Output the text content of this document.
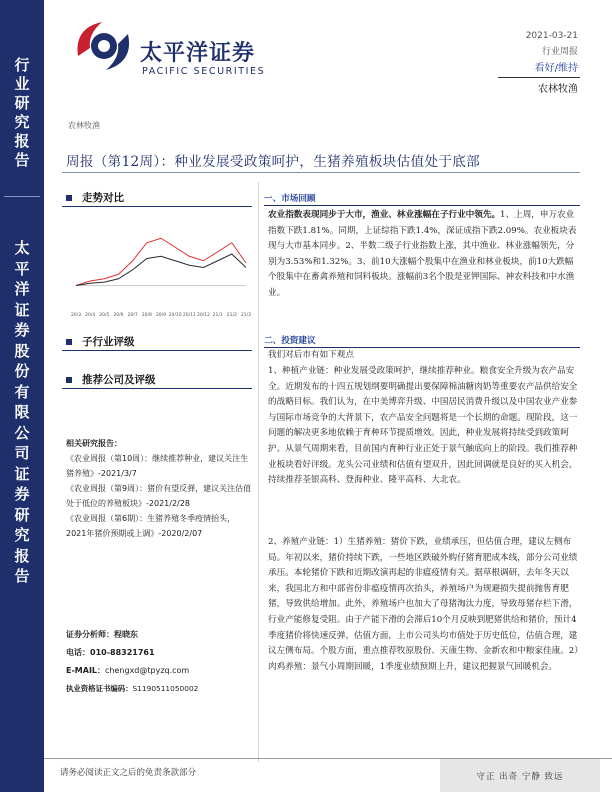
行
业
研
究
报
告
太
平
洋
证
券
股
份
有
限
公
司
证
券
研
究
报
告
太平洋证券
PACIFIC SECURITIES
2021-03-21
行业周报
看好/维持
农林牧渔
农林牧渔
周报（第12周）：种业发展受政策呵护，生猪养殖板块估值处于底部
走势对比
20/3 20/4 20/5 20/6 20/7 20/8 20/9 20/10 20/11 20/12 21/1 21/2 21/3
子行业评级
推荐公司及评级
相关研究报告：
《农业周报（第10周）：继续推荐种业，建议关注生猪养殖》-2021/3/7
《农业周报（第9周）：猪价有望反弹，建议关注估值处于低位的养殖板块》-2021/2/28
《农业周报（第6期）：生猪养殖冬季疫情抬头，2021年猪价预期或上调》-2020/2/07
证券分析师：程晓东
电话：010-88321761
E-MAIL：chengxd@tpyzq.com
执业资格证书编码：S1190511050002
一、市场回顾
农业指数表现同步于大市，渔业、林业涨幅在子行业中领先。1、上周，申万农业指数下跌1.81%。同期，上证综指下跌1.4%，深证成指下跌2.09%。农业板块表现与大市基本同步。2、半数二级子行业指数上涨，其中渔业、林业涨幅领先，分别为3.53%和1.32%。3、前10大涨幅个股集中在渔业和林业板块，前10大跌幅个股集中在畜禽养殖和饲料板块。涨幅前3名个股是亚钾国际、神农科技和中水渔业。
二、投资建议
我们对后市有如下观点
1、种植产业链：种业发展受政策呵护，继续推荐种业。粮食安全升级为农产品安全。近期发布的十四五规划纲要明确提出要保障棉油糖肉奶等重要农产品供给安全的战略目标。我们认为，在中美博弈升级、中国居民消费升级以及中国农业产业参与国际市场竞争的大背景下，农产品安全问题将是一个长期的命题。现阶段，这一问题的解决更多地依赖于育种环节提质增效。因此，种业发展将持续受到政策呵护。从景气周期来看，目前国内育种行业正处于景气触底向上的阶段。我们推荐种业板块看好评级。龙头公司业绩和估值有望双升，因此回调就是良好的买入机会，持续推荐荃银高科、登海种业、隆平高科、大北农。
2、养殖产业链：1）生猪养殖：猪价下跌，业绩承压，但估值合理，建议左侧布局。年初以来，猪价持续下跌，一些地区跌破外购仔猪育肥成本线，部分公司业绩承压。本轮猪价下跌和近期改演再起的非瘟疫情有关。据草根调研，去年冬天以来，我国北方和中部省份非瘟疫情再次抬头，养殖场户为规避损失提前抛售育肥猪，导致供给增加。此外，养殖场户也加大了母猪淘汰力度，导致母猪存栏下滑，行业产能修复受阻。由于产能下滑的会滞后10个月反映到肥猪供给和猪价，预计4季度猪价将快速反弹。估值方面，上市公司头均市值处于历史低位，估值合理，建议左侧布局。个股方面，重点推荐牧原股份、天康生物、金新农和中粮家佳康。2）肉鸡养殖：景气小周期回暖，1季度业绩预期上升，建议把握景气回暖机会。
请务必阅读正文之后的免责条款部分	守正 出奇 宁静 致远
